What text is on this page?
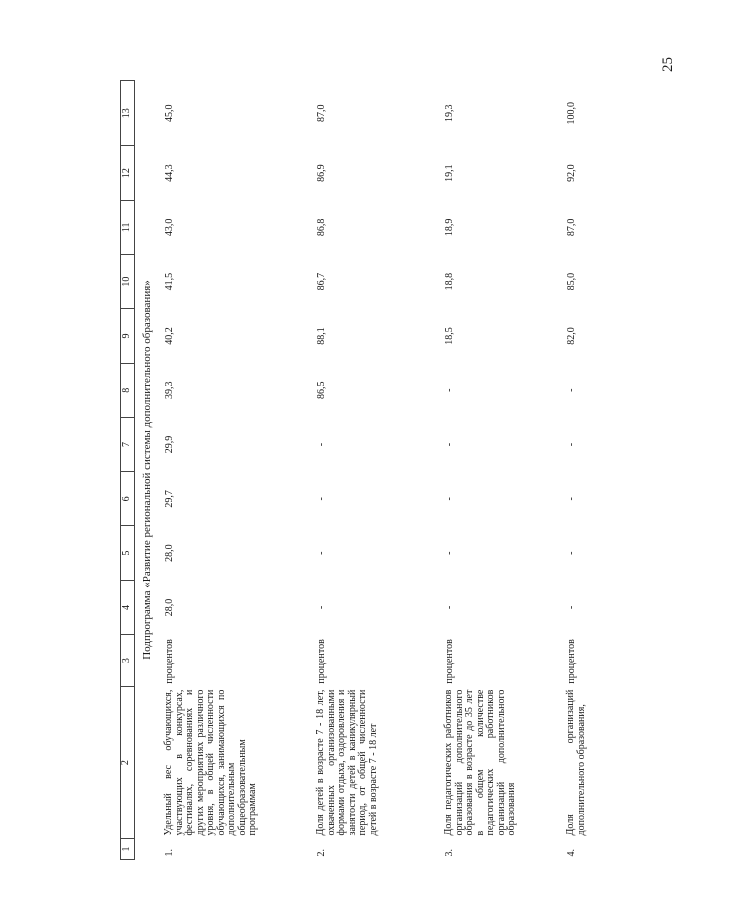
25
1	2	3	4	5	6	7	8	9	10	11	12	13
Подпрограмма «Развитие региональной системы дополнительного образования»												
1.	Удельный вес обучающихся, участвующих в конкурсах, фестивалях, соревнованиях и других мероприятиях различного уровня, в общей численности обучающихся, занимающихся по дополнительным общеобразовательным программам	процентов	28,0	28,0	29,7	29,9	39,3	40,2	41,5	43,0	44,3	45,0
2.	Доля детей в возрасте 7 - 18 лет, охваченных организованными формами отдыха, оздоровления и занятости детей в каникулярный период, от общей численности детей в возрасте 7 - 18 лет	процентов	-	-	-	-	86,5	88,1	86,7	86,8	86,9	87,0
3.	Доля педагогических работников организаций дополнительного образования в возрасте до 35 лет в общем количестве педагогических работников организаций дополнительного образования	процентов	-	-	-	-	-	18,5	18,8	18,9	19,1	19,3
4.	Доля организаций дополнительного образования,	процентов	-	-	-	-	-	82,0	85,0	87,0	92,0	100,0
